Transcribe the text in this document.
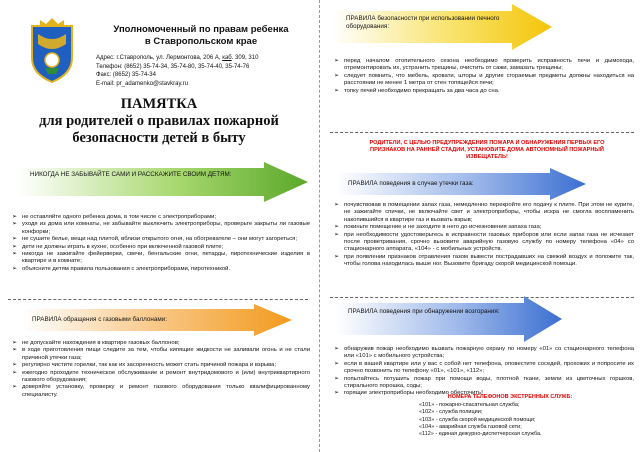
Уполномоченный по правам ребенка
в Ставропольском крае
Адрес: г.Ставрополь, ул. Лермонтова, 206 А, каб. 309, 310
Телефон: (8652) 35-74-34, 35-74-80, 35-74-40, 35-74-76
Факс: (8652) 35-74-34
E-mail: pr_adamenko@stavkray.ru
ПАМЯТКА
для родителей о правилах пожарной
безопасности детей в быту
НИКОГДА НЕ ЗАБЫВАЙТЕ САМИ И РАССКАЖИТЕ СВОИМ ДЕТЯМ:
➢ не оставляйте одного ребенка дома, в том числе с электроприборами;
➢ уходя из дома или комнаты, не забывайте выключить электроприборы, проверьте закрыты ли газовые конфорки;
➢ не сушите белье, вещи над плитой, вблизи открытого огня, на обогревателе – они могут загореться;
➢ дети не должны играть в кухне, особенно при включенной газовой плите;
➢ никогда не зажигайте фейерверки, свечи, бенгальские огни, петарды, пиротехнические изделия в квартире и в комнате;
➢ объясните детям правила пользования с электроприборами, пиротехникой.
ПРАВИЛА обращения с газовыми баллонами:
➢ не допускайте нахождения в квартире газовых баллонов;
➢ в ходе приготовления пищи следите за тем, чтобы кипящие жидкости не заливали огонь и не стали причиной утечки газа;
➢ регулярно чистите горелки, так как их засоренность может стать причиной пожара и взрыва;
➢ ежегодно проходите техническое обслуживание и ремонт внутридомового и (или) внутриквартирного газового оборудования;
➢ доверяйте установку, проверку и ремонт газового оборудования только квалифицированному специалисту.
ПРАВИЛА безопасности при использовании печного оборудования:
➢ перед началом отопительного сезона необходимо проверить исправность печи и дымохода, отремонтировать их, устранить трещины, очистить от сажи, замазать трещины;
➢ следует помнить, что мебель, кровати, шторы и другие сгораемые предметы должны находиться на расстоянии не менее 1 метра от стен топящейся печи;
➢ топку печей необходимо прекращать за два часа до сна.
ПРАВИЛА поведения в случае утечки газа:
➢ почувствовав в помещении запах газа, немедленно перекройте его подачу к плите. При этом не курите, не зажигайте спички, не включайте свет и электроприборы, чтобы искра не смогла воспламенить накопившийся в квартире газ и вызвать взрыв;
➢ покиньте помещение и не заходите в него до исчезновения запаха газа;
➢ при необходимости удостоверьтесь в исправности газовых приборов или если запах газа не исчезает после проветривания, срочно вызовите аварийную газовую службу по номеру телефона «04» со стационарного аппарата, «104» - с мобильных устройств.
➢ при появлении признаков отравления газом вывести пострадавших на свежий воздух и положите так, чтобы голова находилась выше ног. Вызовите бригаду скорой медицинской помощи.
ПРАВИЛА поведения при обнаружении возгорания:
➢ обнаружив пожар необходимо вызвать пожарную охрану по номеру «01» со стационарного телефона или «101» с мобильного устройства;
➢ если в вашей квартире или у вас с собой нет телефона, оповестите соседей, прохожих и попросите их срочно позвонить по телефону «01», «101», «112»;
➢ попытайтесь потушить пожар при помощи воды, плотной ткани, земли из цветочных горшков, стирального порошка, соды;
➢ горящие электроприборы необходимо обесточить!
РОДИТЕЛИ, С ЦЕЛЬЮ ПРЕДУПРЕЖДЕНИЯ ПОЖАРА И ОБНАРУЖЕНИЯ ПЕРВЫХ ЕГО ПРИЗНАКОВ НА РАННЕЙ СТАДИИ, УСТАНОВИТЕ ДОМА АВТОНОМНЫЙ ПОЖАРНЫЙ ИЗВЕЩАТЕЛЬ!
НОМЕРА ТЕЛЕФОНОВ ЭКСТРЕННЫХ СЛУЖБ:
«101» - пожарно-спасательная служба;
«102» - служба полиции;
«103» - служба скорой медицинской помощи;
«104» - аварийная служба газовой сети;
«112» - единая дежурно-диспетчерская служба.
